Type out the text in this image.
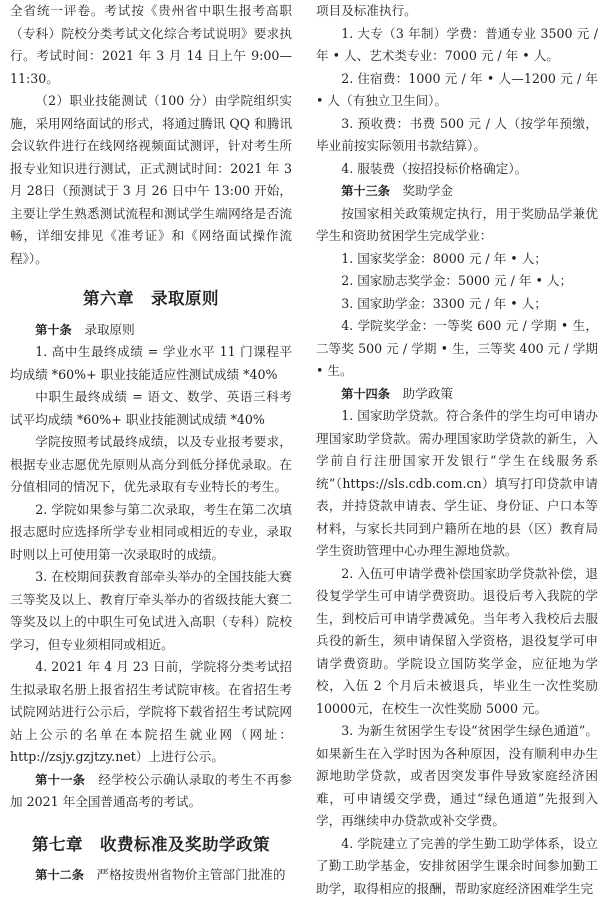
全省统一评卷。考试按《贵州省中职生报考高职（专科）院校分类考试文化综合考试说明》要求执行。考试时间：2021 年 3 月 14 日上午 9:00—11:30。

（2）职业技能测试（100 分）由学院组织实施，采用网络面试的形式，将通过腾讯 QQ 和腾讯会议软件进行在线网络视频面试测评，针对考生所报专业知识进行测试，正式测试时间：2021 年 3 月 28日（预测试于 3 月 26 日中午 13:00 开始，主要让学生熟悉测试流程和测试学生端网络是否流畅，详细安排见《准考证》和《网络面试操作流程》）。

第六章　录取原则

第十条　录取原则

1. 高中生最终成绩 = 学业水平 11 门课程平均成绩 *60%+ 职业技能适应性测试成绩 *40%

中职生最终成绩 = 语文、数学、英语三科考试平均成绩 *60%+ 职业技能测试成绩 *40%

学院按照考试最终成绩，以及专业报考要求，根据专业志愿优先原则从高分到低分择优录取。在分值相同的情况下，优先录取有专业特长的考生。

2. 学院如果参与第二次录取，考生在第二次填报志愿时应选择所学专业相同或相近的专业，录取时则以上可使用第一次录取时的成绩。

3. 在校期间获教育部牵头举办的全国技能大赛三等奖及以上、教育厅牵头举办的省级技能大赛二等奖及以上的中职生可免试进入高职（专科）院校学习，但专业须相同或相近。

4. 2021 年 4 月 23 日前，学院将分类考试招生拟录取名册上报省招生考试院审核。在省招生考试院网站进行公示后，学院将下载省招生考试院网站上公示的名单在本院招生就业网（网址：http://zsjy.gzjtzy.net）上进行公示。

第十一条　经学校公示确认录取的考生不再参加 2021 年全国普通高考的考试。

第七章　收费标准及奖助学政策

第十二条　严格按贵州省物价主管部门批准的

项目及标准执行。

1. 大专（3 年制）学费：普通专业 3500 元 / 年 • 人、艺术类专业：7000 元 / 年 • 人。

2. 住宿费：1000 元 / 年 • 人—1200 元 / 年 • 人（有独立卫生间）。

3. 预收费：书费 500 元 / 人（按学年预缴，毕业前按实际领用书款结算）。

4. 服装费（按招投标价格确定）。

第十三条　奖助学金

按国家相关政策规定执行，用于奖励品学兼优学生和资助贫困学生完成学业：

1. 国家奖学金：8000 元 / 年 • 人；

2. 国家励志奖学金：5000 元 / 年 • 人；

3. 国家助学金：3300 元 / 年 • 人；

4. 学院奖学金：一等奖 600 元 / 学期 • 生，二等奖 500 元 / 学期 • 生，三等奖 400 元 / 学期 • 生。

第十四条　助学政策

1. 国家助学贷款。符合条件的学生均可申请办理国家助学贷款。需办理国家助学贷款的新生，入学前自行注册国家开发银行“学生在线服务系统”（https://sls.cdb.com.cn）填写打印贷款申请表，并持贷款申请表、学生证、身份证、户口本等材料，与家长共同到户籍所在地的县（区）教育局学生资助管理中心办理生源地贷款。

2. 入伍可申请学费补偿国家助学贷款补偿，退役复学学生可申请学费资助。退役后考入我院的学生，到校后可申请学费减免。当年考入我校后去服兵役的新生，须申请保留入学资格，退役复学可申请学费资助。学院设立国防奖学金，应征地为学校，入伍 2 个月后未被退兵，毕业生一次性奖励 10000元，在校生一次性奖励 5000 元。

3. 为新生贫困学生专设“贫困学生绿色通道”。如果新生在入学时因为各种原因，没有顺利申办生源地助学贷款，或者因突发事件导致家庭经济困难，可申请缓交学费，通过“绿色通道”先报到入学，再继续申办贷款或补交学费。

4. 学院建立了完善的学生勤工助学体系，设立了勤工助学基金，安排贫困学生课余时间参加勤工助学，取得相应的报酬，帮助家庭经济困难学生完
